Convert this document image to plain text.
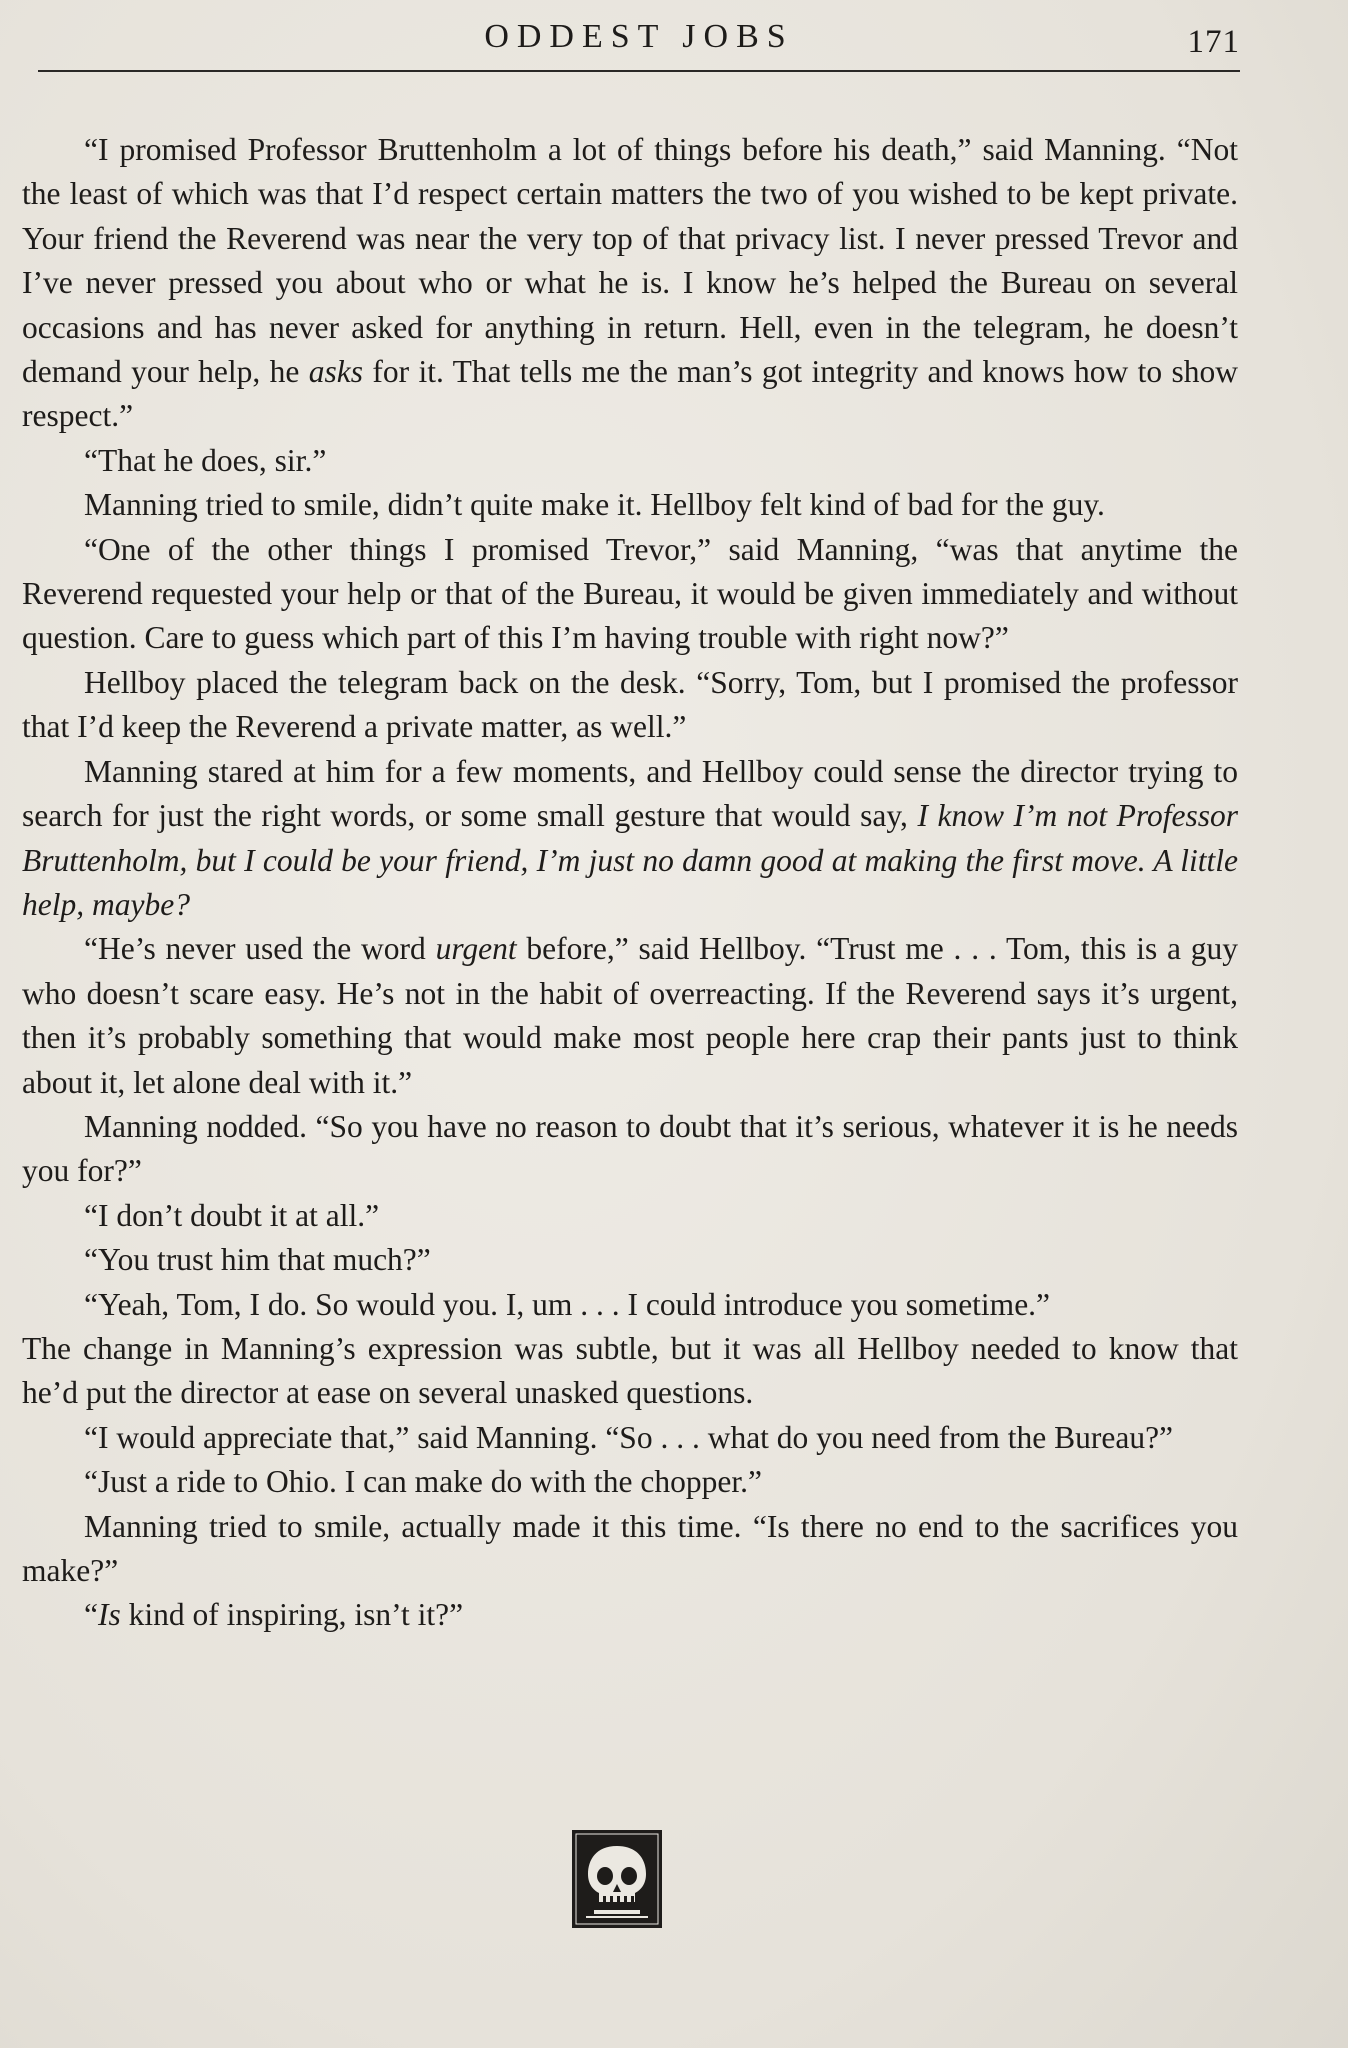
ODDEST JOBS	171

“I promised Professor Bruttenholm a lot of things before his death,” said Manning. “Not the least of which was that I’d respect certain matters the two of you wished to be kept private. Your friend the Reverend was near the very top of that privacy list. I never pressed Trevor and I’ve never pressed you about who or what he is. I know he’s helped the Bureau on several occasions and has never asked for anything in return. Hell, even in the telegram, he doesn’t demand your help, he asks for it. That tells me the man’s got integrity and knows how to show respect.”

“That he does, sir.”

Manning tried to smile, didn’t quite make it. Hellboy felt kind of bad for the guy.

“One of the other things I promised Trevor,” said Manning, “was that anytime the Reverend requested your help or that of the Bureau, it would be given immediately and without question. Care to guess which part of this I’m having trouble with right now?”

Hellboy placed the telegram back on the desk. “Sorry, Tom, but I promised the professor that I’d keep the Reverend a private matter, as well.”

Manning stared at him for a few moments, and Hellboy could sense the director trying to search for just the right words, or some small gesture that would say, I know I’m not Professor Bruttenholm, but I could be your friend, I’m just no damn good at making the first move. A little help, maybe?

“He’s never used the word urgent before,” said Hellboy. “Trust me . . . Tom, this is a guy who doesn’t scare easy. He’s not in the habit of overreacting. If the Reverend says it’s urgent, then it’s probably something that would make most people here crap their pants just to think about it, let alone deal with it.”

Manning nodded. “So you have no reason to doubt that it’s serious, whatever it is he needs you for?”

“I don’t doubt it at all.”

“You trust him that much?”

“Yeah, Tom, I do. So would you. I, um . . . I could introduce you sometime.”

The change in Manning’s expression was subtle, but it was all Hellboy needed to know that he’d put the director at ease on several unasked questions.

“I would appreciate that,” said Manning. “So . . . what do you need from the Bureau?”

“Just a ride to Ohio. I can make do with the chopper.”

Manning tried to smile, actually made it this time. “Is there no end to the sacrifices you make?”

“Is kind of inspiring, isn’t it?”
